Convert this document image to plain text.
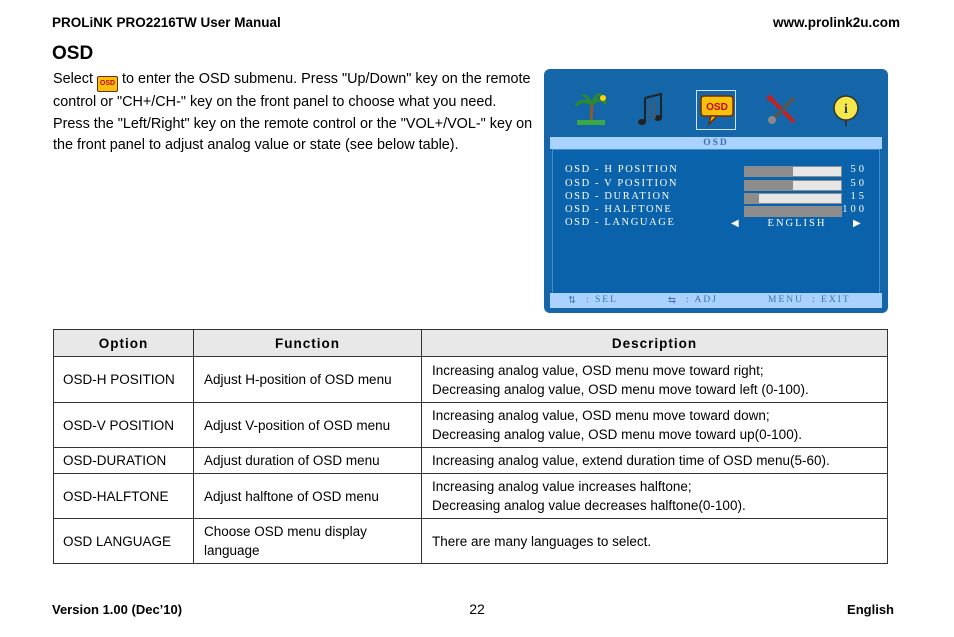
PROLiNK PRO2216TW User Manual	www.prolink2u.com
OSD
Select OSD to enter the OSD submenu. Press "Up/Down" key on the remote control or "CH+/CH-" key on the front panel to choose what you need. Press the "Left/Right" key on the remote control or the "VOL+/VOL-" key on the front panel to adjust analog value or state (see below table).
OSD	i
OSD
OSD - H POSITION	50
OSD - V POSITION	50
OSD - DURATION	15
OSD - HALFTONE	100
OSD - LANGUAGE	◀	ENGLISH	▶
⇅ : SEL	⇆ : ADJ	MENU : EXIT
Option	Function	Description
OSD-H POSITION	Adjust H-position of OSD menu	Increasing analog value, OSD menu move toward right;
Decreasing analog value, OSD menu move toward left (0-100).

OSD-V POSITION	Adjust V-position of OSD menu	Increasing analog value, OSD menu move toward down;
Decreasing analog value, OSD menu move toward up(0-100).

OSD-DURATION	Adjust duration of OSD menu	Increasing analog value, extend duration time of OSD menu(5-60).

OSD-HALFTONE	Adjust halftone of OSD menu	Increasing analog value increases halftone;
Decreasing analog value decreases halftone(0-100).

OSD LANGUAGE	Choose OSD menu display language	There are many languages to select.
Version 1.00 (Dec’10)	22	English
